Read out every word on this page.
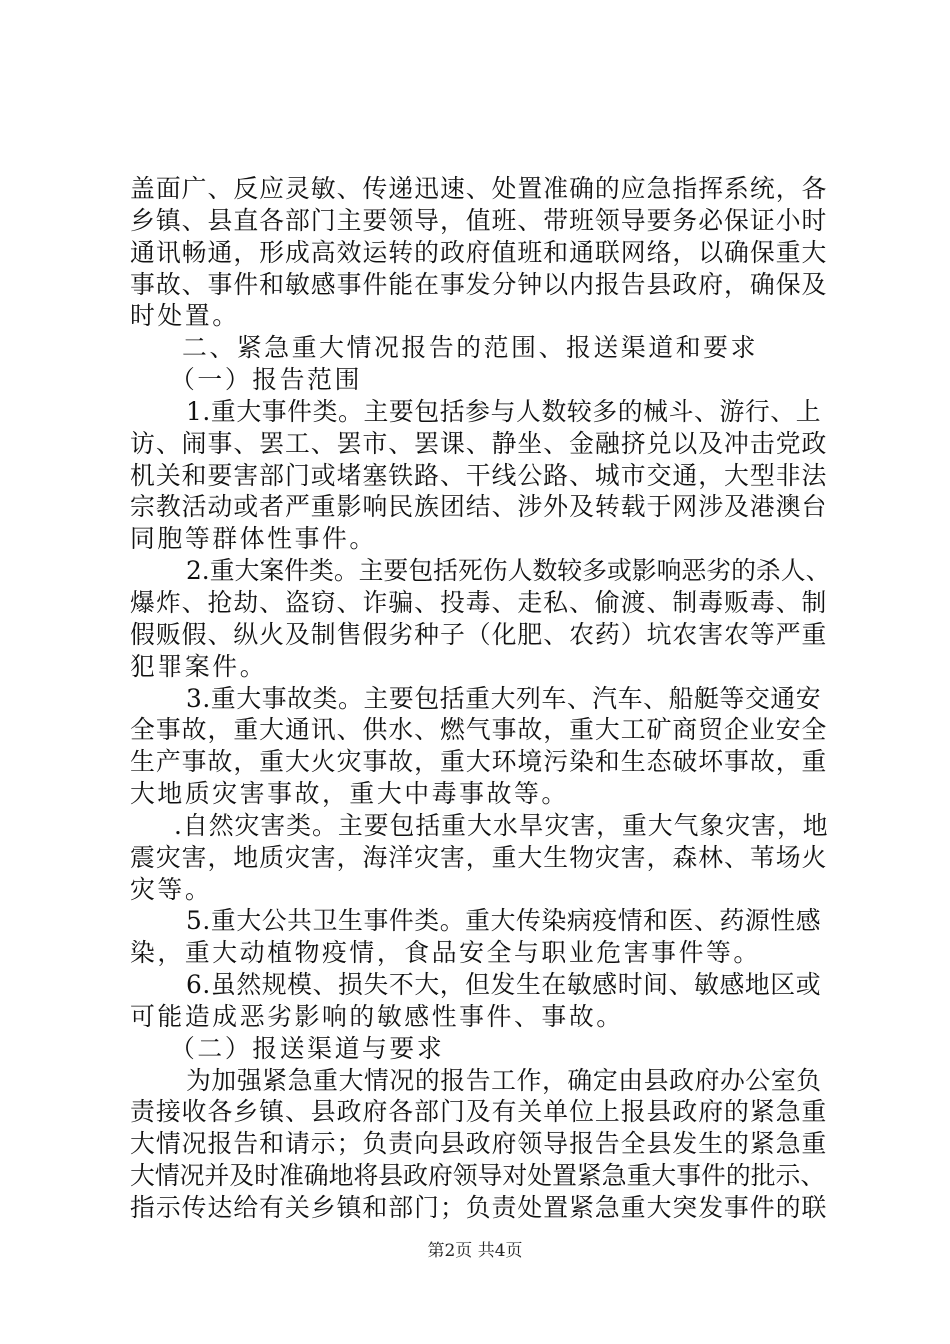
盖面广、反应灵敏、传递迅速、处置准确的应急指挥系统，各
乡镇、县直各部门主要领导，值班、带班领导要务必保证小时
通讯畅通，形成高效运转的政府值班和通联网络，以确保重大
事故、事件和敏感事件能在事发分钟以内报告县政府，确保及
时处置。
二、紧急重大情况报告的范围、报送渠道和要求
（一）报告范围
1.重大事件类。主要包括参与人数较多的械斗、游行、上
访、闹事、罢工、罢市、罢课、静坐、金融挤兑以及冲击党政
机关和要害部门或堵塞铁路、干线公路、城市交通，大型非法
宗教活动或者严重影响民族团结、涉外及转载于网涉及港澳台
同胞等群体性事件。
2.重大案件类。主要包括死伤人数较多或影响恶劣的杀人、
爆炸、抢劫、盗窃、诈骗、投毒、走私、偷渡、制毒贩毒、制
假贩假、纵火及制售假劣种子（化肥、农药）坑农害农等严重
犯罪案件。
3.重大事故类。主要包括重大列车、汽车、船艇等交通安
全事故，重大通讯、供水、燃气事故，重大工矿商贸企业安全
生产事故，重大火灾事故，重大环境污染和生态破坏事故，重
大地质灾害事故，重大中毒事故等。
.自然灾害类。主要包括重大水旱灾害，重大气象灾害，地
震灾害，地质灾害，海洋灾害，重大生物灾害，森林、苇场火
灾等。
5.重大公共卫生事件类。重大传染病疫情和医、药源性感
染，重大动植物疫情，食品安全与职业危害事件等。
6.虽然规模、损失不大，但发生在敏感时间、敏感地区或
可能造成恶劣影响的敏感性事件、事故。
（二）报送渠道与要求
为加强紧急重大情况的报告工作，确定由县政府办公室负
责接收各乡镇、县政府各部门及有关单位上报县政府的紧急重
大情况报告和请示；负责向县政府领导报告全县发生的紧急重
大情况并及时准确地将县政府领导对处置紧急重大事件的批示、
指示传达给有关乡镇和部门；负责处置紧急重大突发事件的联
第2页 共4页
